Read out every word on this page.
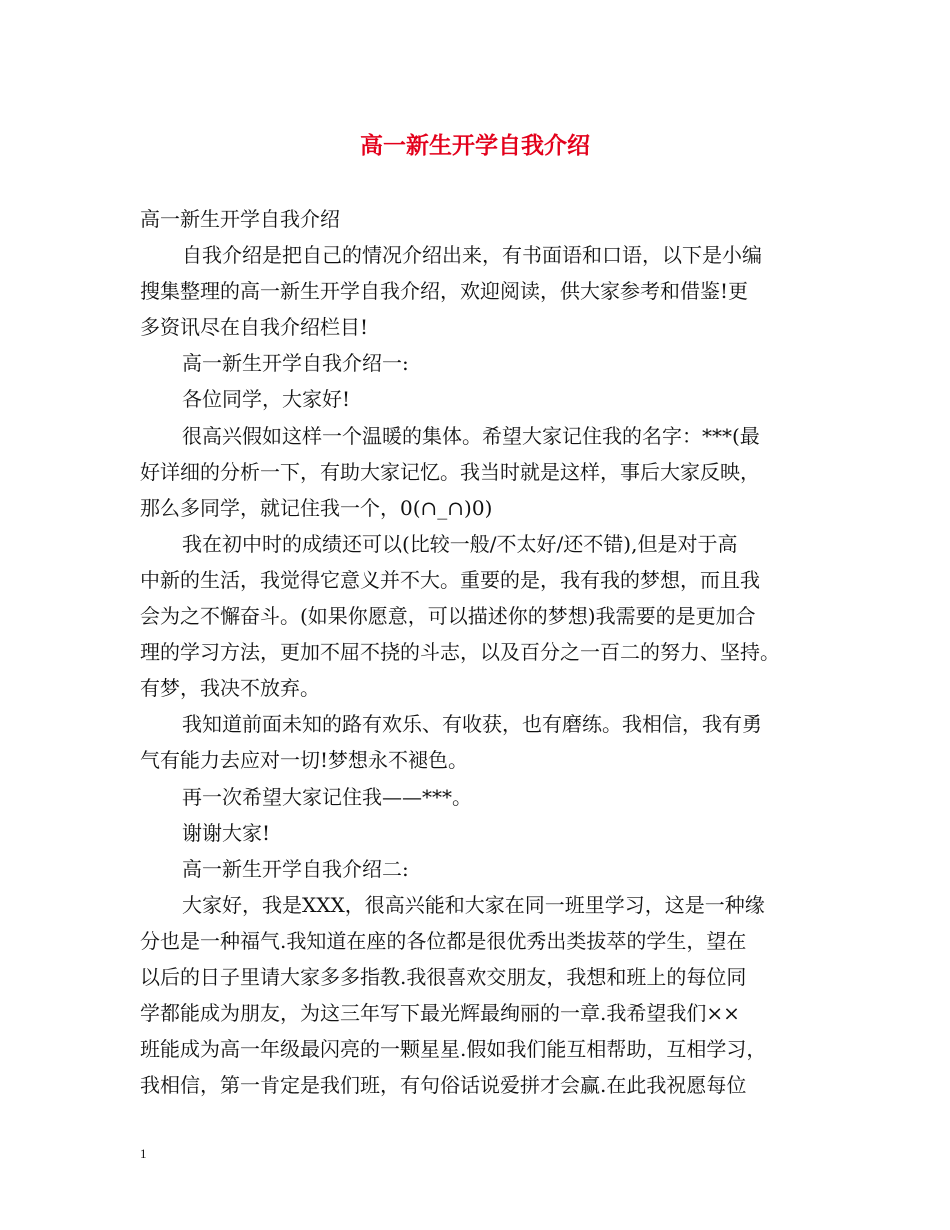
高一新生开学自我介绍
高一新生开学自我介绍
自我介绍是把自己的情况介绍出来，有书面语和口语，以下是小编
搜集整理的高一新生开学自我介绍，欢迎阅读，供大家参考和借鉴!更
多资讯尽在自我介绍栏目!
高一新生开学自我介绍一:
各位同学，大家好!
很高兴假如这样一个温暖的集体。希望大家记住我的名字：***(最
好详细的分析一下，有助大家记忆。我当时就是这样，事后大家反映，
那么多同学，就记住我一个，0(∩_∩)0)
我在初中时的成绩还可以(比较一般/不太好/还不错),但是对于高
中新的生活，我觉得它意义并不大。重要的是，我有我的梦想，而且我
会为之不懈奋斗。(如果你愿意，可以描述你的梦想)我需要的是更加合
理的学习方法，更加不屈不挠的斗志，以及百分之一百二的努力、坚持。
有梦，我决不放弃。
我知道前面未知的路有欢乐、有收获，也有磨练。我相信，我有勇
气有能力去应对一切!梦想永不褪色。
再一次希望大家记住我——***。
谢谢大家!
高一新生开学自我介绍二:
大家好，我是XXX，很高兴能和大家在同一班里学习，这是一种缘
分也是一种福气.我知道在座的各位都是很优秀出类拔萃的学生，望在
以后的日子里请大家多多指教.我很喜欢交朋友，我想和班上的每位同
学都能成为朋友，为这三年写下最光辉最绚丽的一章.我希望我们××
班能成为高一年级最闪亮的一颗星星.假如我们能互相帮助，互相学习，
我相信，第一肯定是我们班，有句俗话说爱拼才会赢.在此我祝愿每位
1
